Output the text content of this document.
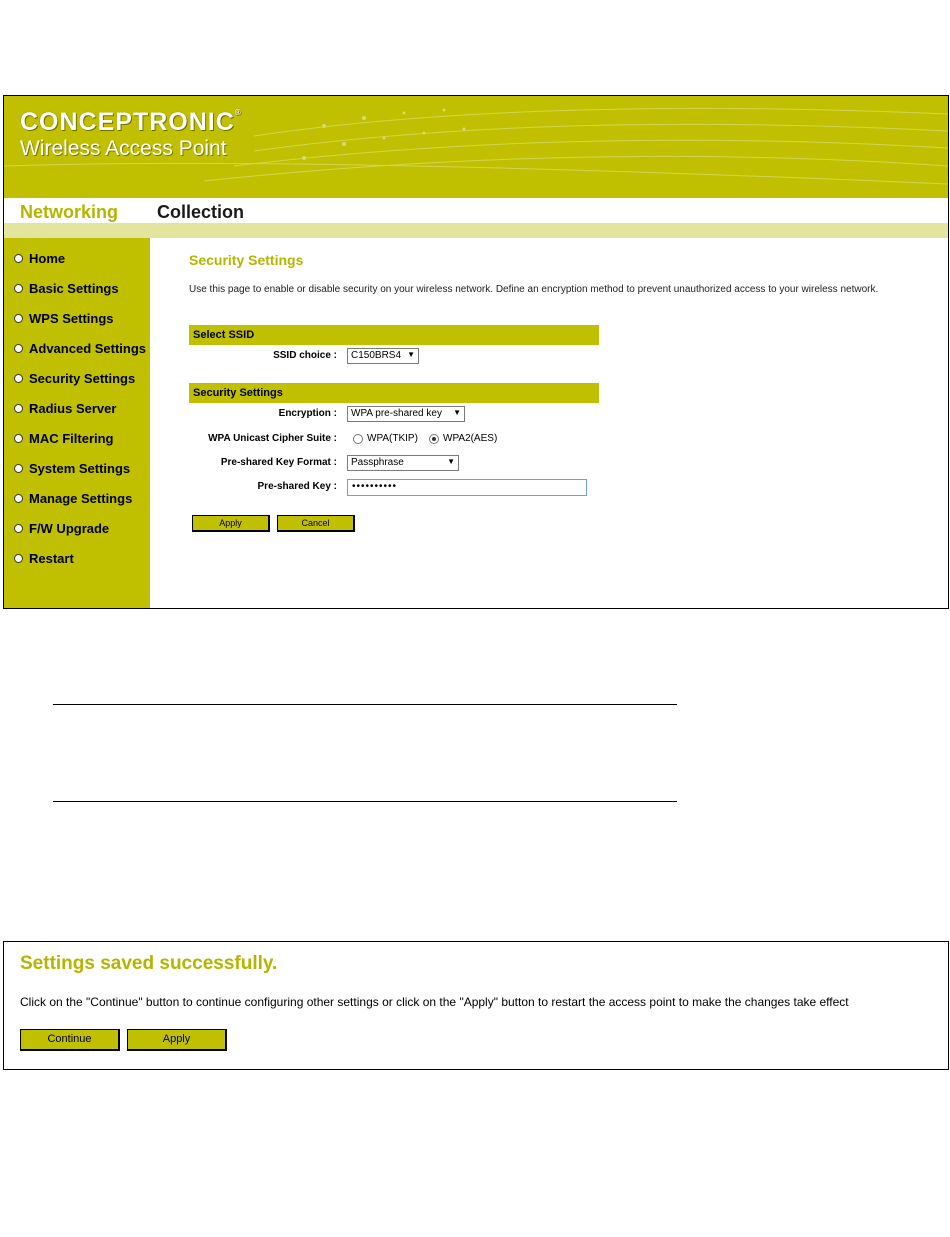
CONCEPTRONIC®
Wireless Access Point
Networking Collection
Home
Basic Settings
WPS Settings
Advanced Settings
Security Settings
Radius Server
MAC Filtering
System Settings
Manage Settings
F/W Upgrade
Restart
Security Settings
Use this page to enable or disable security on your wireless network. Define an encryption method to prevent unauthorized access to your wireless network.
Select SSID
SSID choice :	C150BRS4 ▼
Security Settings
Encryption :	WPA pre-shared key ▼
WPA Unicast Cipher Suite :	WPA(TKIP)	WPA2(AES)
Pre-shared Key Format :	Passphrase	▼
Pre-shared Key :	••••••••••
Apply	Cancel
Settings saved successfully.
Click on the "Continue" button to continue configuring other settings or click on the "Apply" button to restart the access point to make the changes take effect
Continue	Apply
